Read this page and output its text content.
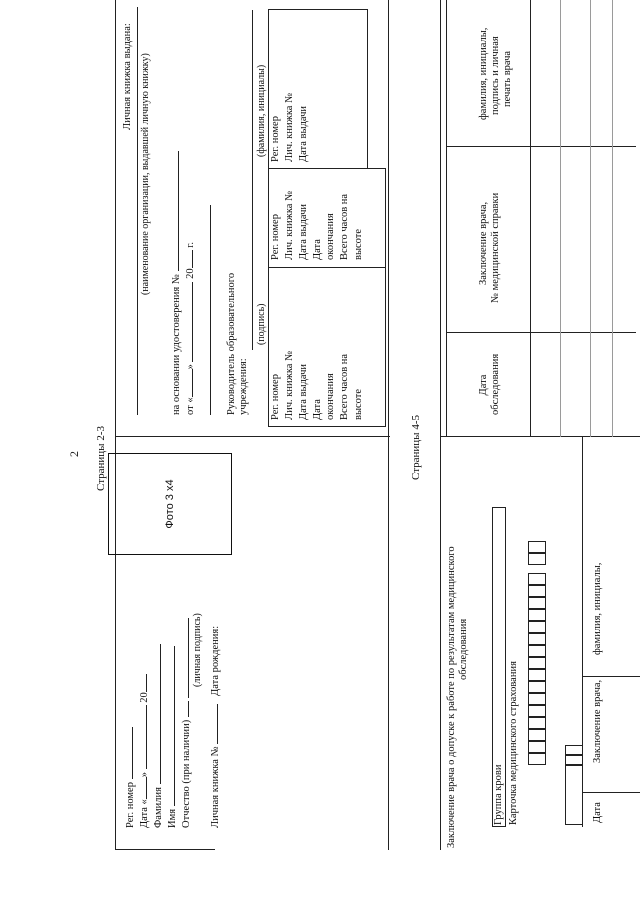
2 Страницы 2-3
Рег. номер Дата «»  20
Фамилия Имя Отчество (при наличии)
(личная подпись)
Личная книжка №    Дата рождения:
Фото 3 х4
Личная книжка выдана: (наименование организации, выдавшей личную книжку)
на основании удостоверения № от «»  20 г.
Руководитель образовательного учреждения:
(подпись)
(фамилия, инициалы)
Рег. номер Лич. книжка № Дата выдачи Дата окончания Всего часов на высоте
Рег. номер Лич. книжка № Дата выдачи Дата окончания Всего часов на высоте
Рег. номер Лич. книжка № Дата выдачи
Страницы 4-5
Заключение врача о допуске к работе по результатам медицинского обследования
Группа крови Карточка медицинского страхования	Дата
Заключение врача,
фамилия, инициалы,
Дата обследования
Заключение врача, № медицинской справки
фамилия, инициалы, подпись и личная печать врача
